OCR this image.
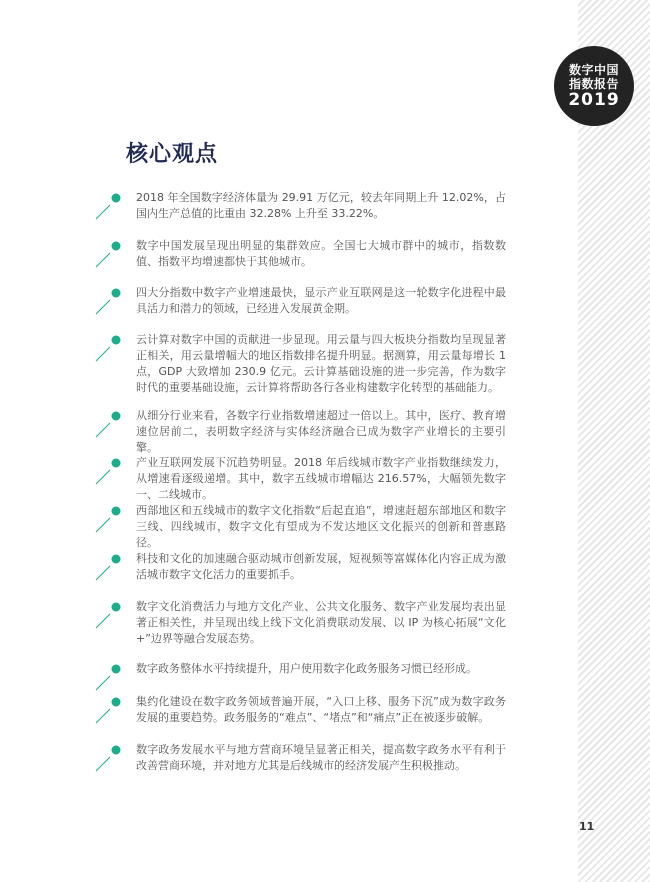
数字中国
指数报告
2019
核心观点

2018 年全国数字经济体量为 29.91 万亿元，较去年同期上升 12.02%，占国内生产总值的比重由 32.28% 上升至 33.22%。

数字中国发展呈现出明显的集群效应。全国七大城市群中的城市，指数数值、指数平均增速都快于其他城市。

四大分指数中数字产业增速最快，显示产业互联网是这一轮数字化进程中最具活力和潜力的领域，已经进入发展黄金期。

云计算对数字中国的贡献进一步显现。用云量与四大板块分指数均呈现显著正相关，用云量增幅大的地区指数排名提升明显。据测算，用云量每增长 1 点，GDP 大致增加 230.9 亿元。云计算基础设施的进一步完善，作为数字时代的重要基础设施，云计算将帮助各行各业构建数字化转型的基础能力。

从细分行业来看，各数字行业指数增速超过一倍以上。其中，医疗、教育增速位居前二，表明数字经济与实体经济融合已成为数字产业增长的主要引擎。

产业互联网发展下沉趋势明显。2018 年后线城市数字产业指数继续发力，从增速看逐级递增。其中，数字五线城市增幅达 216.57%，大幅领先数字一、二线城市。

西部地区和五线城市的数字文化指数“后起直追”，增速赶超东部地区和数字三线、四线城市，数字文化有望成为不发达地区文化振兴的创新和普惠路径。

科技和文化的加速融合驱动城市创新发展，短视频等富媒体化内容正成为激活城市数字文化活力的重要抓手。

数字文化消费活力与地方文化产业、公共文化服务、数字产业发展均表出显著正相关性，并呈现出线上线下文化消费联动发展、以 IP 为核心拓展“文化 +”边界等融合发展态势。

数字政务整体水平持续提升，用户使用数字化政务服务习惯已经形成。

集约化建设在数字政务领域普遍开展，“入口上移、服务下沉”成为数字政务发展的重要趋势。政务服务的“难点”、“堵点”和“痛点”正在被逐步破解。

数字政务发展水平与地方营商环境呈显著正相关，提高数字政务水平有利于改善营商环境，并对地方尤其是后线城市的经济发展产生积极推动。

11
